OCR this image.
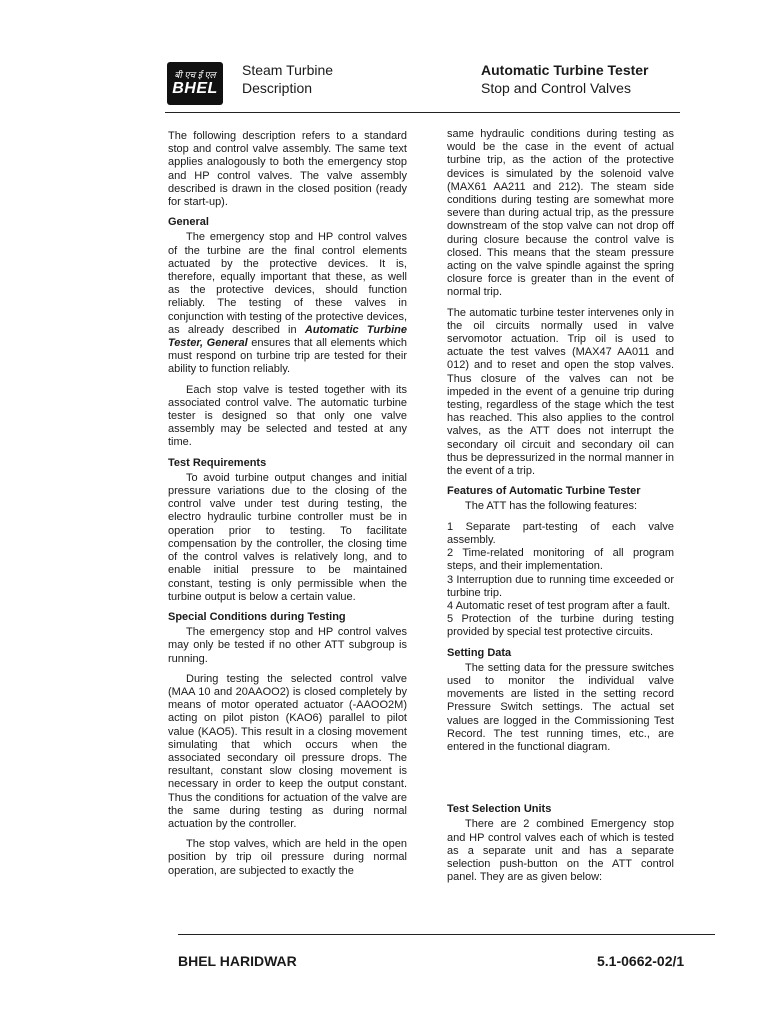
बी एच ई एल
BHEL
Steam Turbine
Description
Automatic Turbine Tester
Stop and Control Valves

The following description refers to a standard stop and control valve assembly. The same text applies analogously to both the emergency stop and HP control valves. The valve assembly described is drawn in the closed position (ready for start-up).

General

The emergency stop and HP control valves of the turbine are the final control elements actuated by the protective devices. It is, therefore, equally important that these, as well as the protective devices, should function reliably. The testing of these valves in conjunction with testing of the protective devices, as already described in Automatic Turbine Tester, General ensures that all elements which must respond on turbine trip are tested for their ability to function reliably.

Each stop valve is tested together with its associated control valve. The automatic turbine tester is designed so that only one valve assembly may be selected and tested at any time.

Test Requirements

To avoid turbine output changes and initial pressure variations due to the closing of the control valve under test during testing, the electro hydraulic turbine controller must be in operation prior to testing. To facilitate compensation by the controller, the closing time of the control valves is relatively long, and to enable initial pressure to be maintained constant, testing is only permissible when the turbine output is below a certain value.

Special Conditions during Testing

The emergency stop and HP control valves may only be tested if no other ATT subgroup is running.

During testing the selected control valve (MAA 10 and 20AAOO2) is closed completely by means of motor operated actuator (-AAOO2M) acting on pilot piston (KAO6) parallel to pilot value (KAO5). This result in a closing movement simulating that which occurs when the associated secondary oil pressure drops. The resultant, constant slow closing movement is necessary in order to keep the output constant. Thus the conditions for actuation of the valve are the same during testing as during normal actuation by the controller.

The stop valves, which are held in the open position by trip oil pressure during normal operation, are subjected to exactly the

same hydraulic conditions during testing as would be the case in the event of actual turbine trip, as the action of the protective devices is simulated by the solenoid valve (MAX61 AA211 and 212). The steam side conditions during testing are somewhat more severe than during actual trip, as the pressure downstream of the stop valve can not drop off during closure because the control valve is closed. This means that the steam pressure acting on the valve spindle against the spring closure force is greater than in the event of normal trip.

The automatic turbine tester intervenes only in the oil circuits normally used in valve servomotor actuation. Trip oil is used to actuate the test valves (MAX47 AA011 and 012) and to reset and open the stop valves. Thus closure of the valves can not be impeded in the event of a genuine trip during testing, regardless of the stage which the test has reached. This also applies to the control valves, as the ATT does not interrupt the secondary oil circuit and secondary oil can thus be depressurized in the normal manner in the event of a trip.

Features of Automatic Turbine Tester

The ATT has the following features:

1 Separate part-testing of each valve assembly.

2 Time-related monitoring of all program steps, and their implementation.

3 Interruption due to running time exceeded or turbine trip.

4 Automatic reset of test program after a fault.

5 Protection of the turbine during testing provided by special test protective circuits.

Setting Data

The setting data for the pressure switches used to monitor the individual valve movements are listed in the setting record Pressure Switch settings. The actual set values are logged in the Commissioning Test Record. The test running times, etc., are entered in the functional diagram.

Test Selection Units

There are 2 combined Emergency stop and HP control valves each of which is tested as a separate unit and has a separate selection push-button on the ATT control panel. They are as given below:

BHEL HARIDWAR	5.1-0662-02/1
